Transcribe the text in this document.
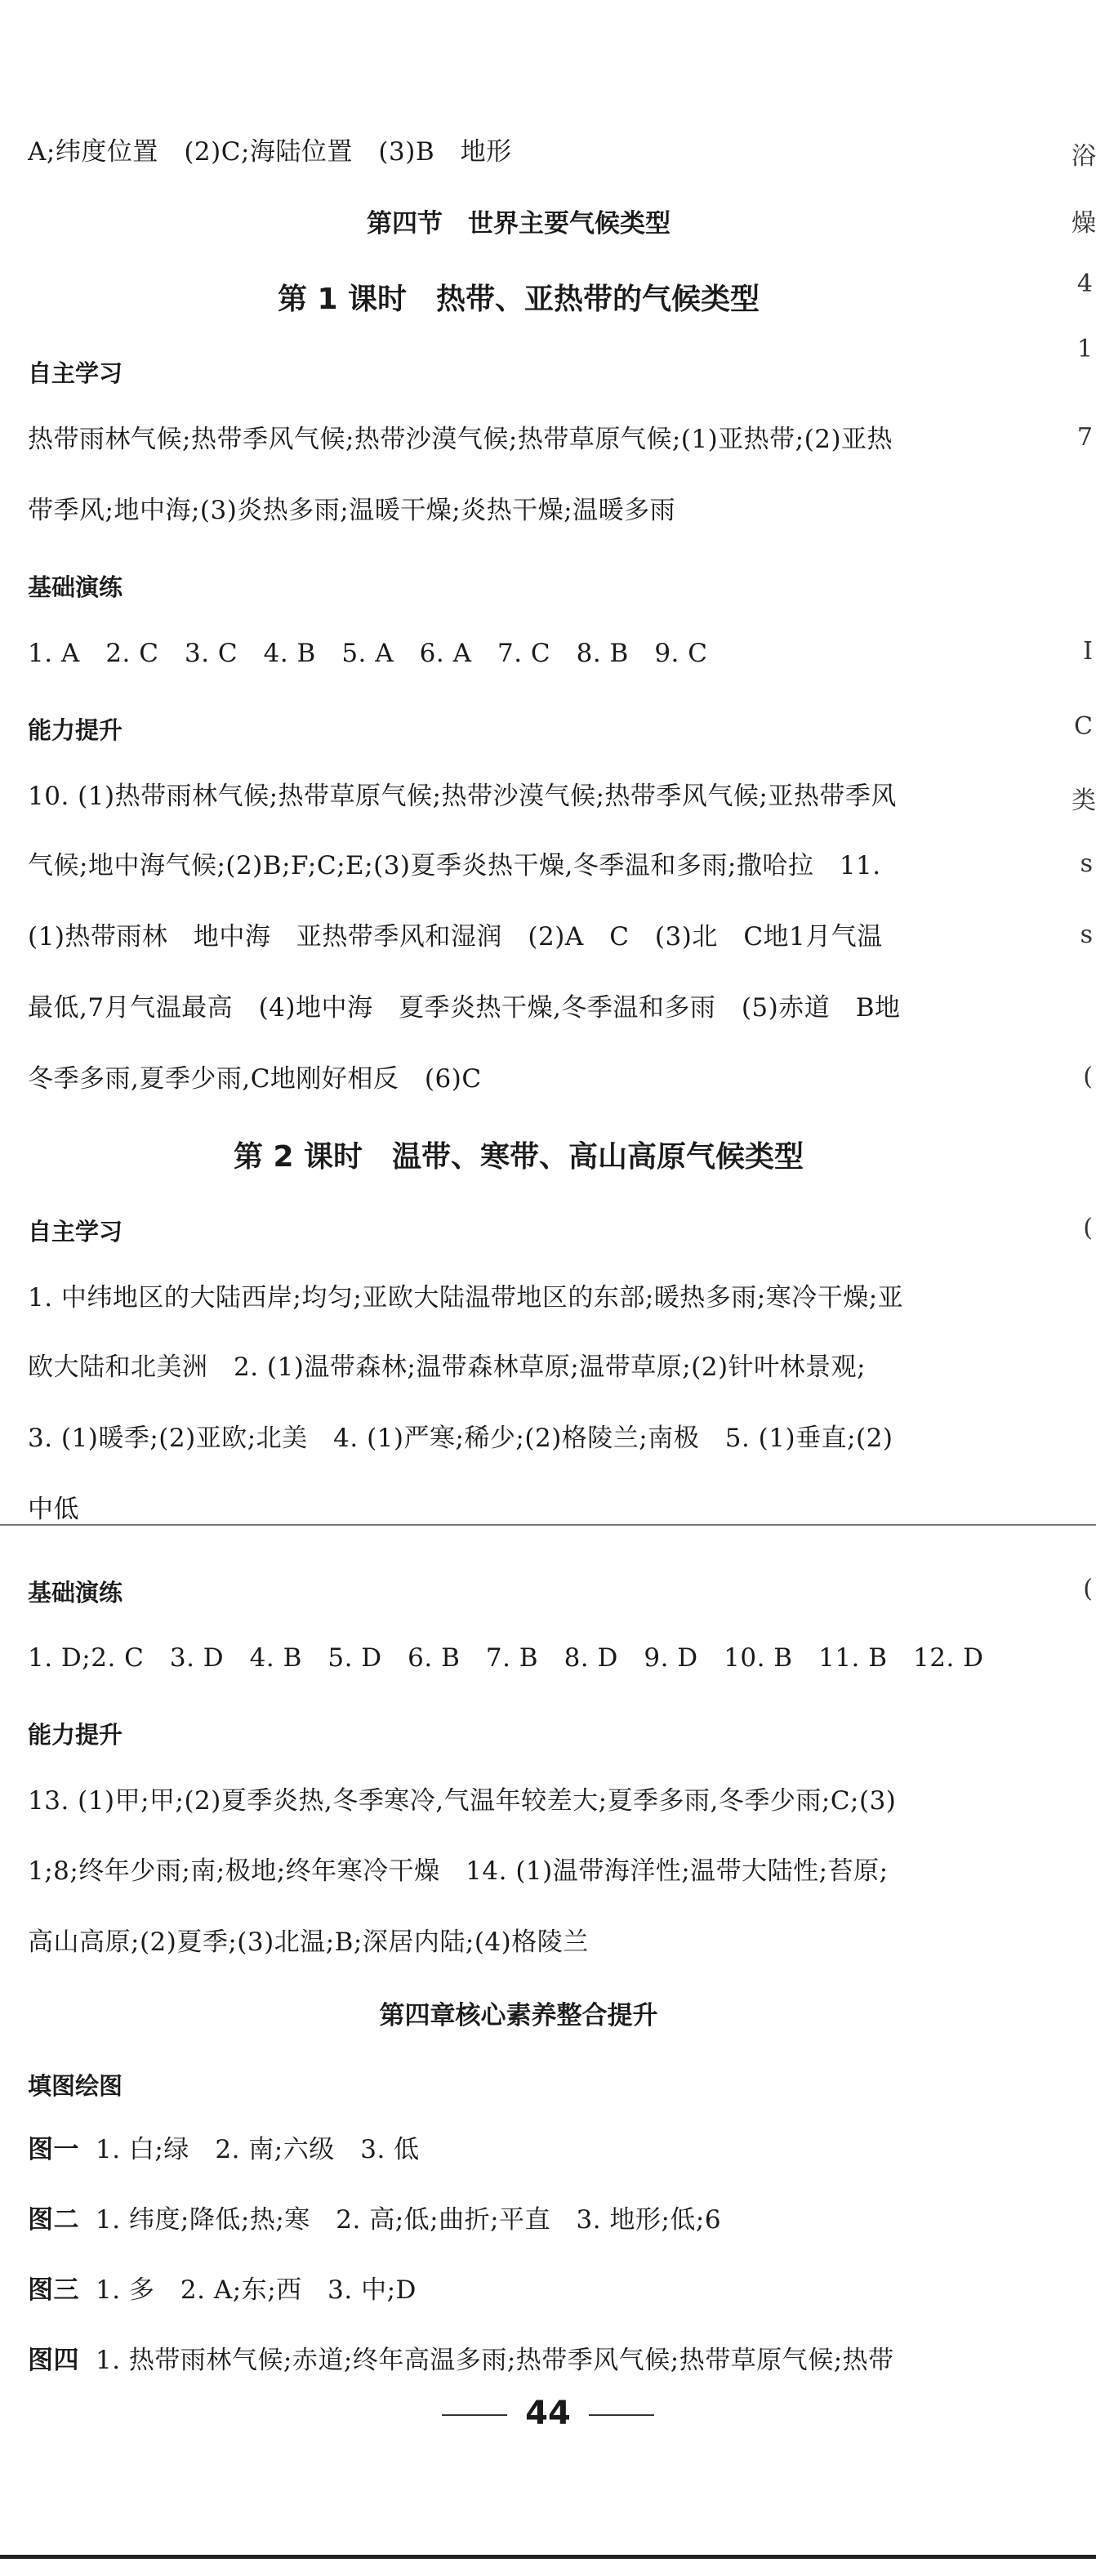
A;纬度位置　(2)C;海陆位置　(3)B　地形
第四节　世界主要气候类型
第 1 课时　热带、亚热带的气候类型
自主学习
热带雨林气候;热带季风气候;热带沙漠气候;热带草原气候;(1)亚热带;(2)亚热
带季风;地中海;(3)炎热多雨;温暖干燥;炎热干燥;温暖多雨
基础演练
1. A　2. C　3. C　4. B　5. A　6. A　7. C　8. B　9. C
能力提升
10. (1)热带雨林气候;热带草原气候;热带沙漠气候;热带季风气候;亚热带季风
气候;地中海气候;(2)B;F;C;E;(3)夏季炎热干燥,冬季温和多雨;撒哈拉　11.
(1)热带雨林　地中海　亚热带季风和湿润　(2)A　C　(3)北　C地1月气温
最低,7月气温最高　(4)地中海　夏季炎热干燥,冬季温和多雨　(5)赤道　B地
冬季多雨,夏季少雨,C地刚好相反　(6)C
第 2 课时　温带、寒带、高山高原气候类型
自主学习
1. 中纬地区的大陆西岸;均匀;亚欧大陆温带地区的东部;暖热多雨;寒冷干燥;亚
欧大陆和北美洲　2. (1)温带森林;温带森林草原;温带草原;(2)针叶林景观;
3. (1)暖季;(2)亚欧;北美　4. (1)严寒;稀少;(2)格陵兰;南极　5. (1)垂直;(2)
中低
基础演练
1. D;2. C　3. D　4. B　5. D　6. B　7. B　8. D　9. D　10. B　11. B　12. D
能力提升
13. (1)甲;甲;(2)夏季炎热,冬季寒冷,气温年较差大;夏季多雨,冬季少雨;C;(3)
1;8;终年少雨;南;极地;终年寒冷干燥　14. (1)温带海洋性;温带大陆性;苔原;
高山高原;(2)夏季;(3)北温;B;深居内陆;(4)格陵兰
第四章核心素养整合提升
填图绘图
图一 1. 白;绿　2. 南;六级　3. 低
图二 1. 纬度;降低;热;寒　2. 高;低;曲折;平直　3. 地形;低;6
图三 1. 多　2. A;东;西　3. 中;D
图四 1. 热带雨林气候;赤道;终年高温多雨;热带季风气候;热带草原气候;热带
44
浴
燥
4
1
7
I
C
类
s
s
(
(
(
